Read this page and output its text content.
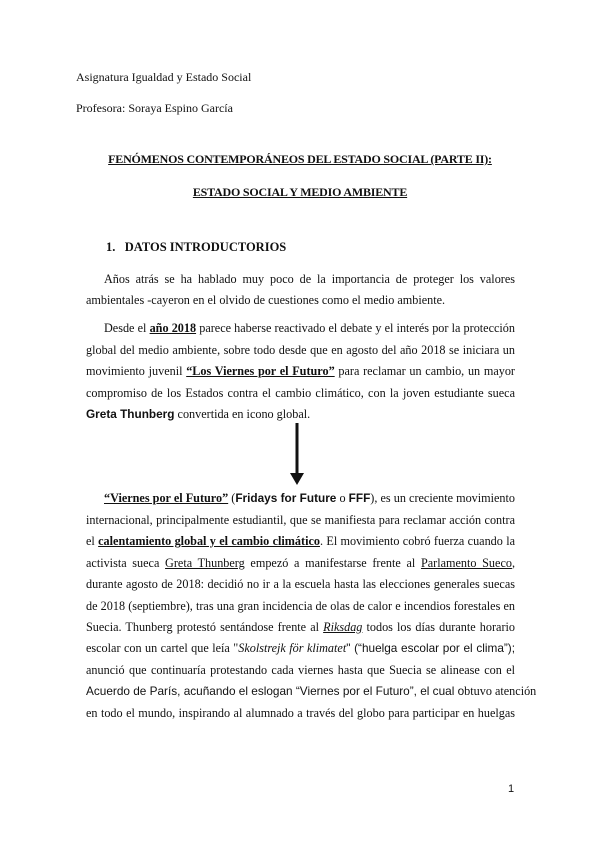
Asignatura Igualdad y Estado Social
Profesora: Soraya Espino García
FENÓMENOS CONTEMPORÁNEOS DEL ESTADO SOCIAL (PARTE II):
ESTADO SOCIAL Y MEDIO AMBIENTE
1. DATOS INTRODUCTORIOS
Años atrás se ha hablado muy poco de la importancia de proteger los valores
ambientales -cayeron en el olvido de cuestiones como el medio ambiente.
Desde el año 2018 parece haberse reactivado el debate y el interés por la protección
global del medio ambiente, sobre todo desde que en agosto del año 2018 se iniciara un
movimiento juvenil “Los Viernes por el Futuro” para reclamar un cambio, un mayor
compromiso de los Estados contra el cambio climático, con la joven estudiante sueca
Greta Thunberg convertida en icono global.
“Viernes por el Futuro” (Fridays for Future o FFF), es un creciente movimiento
internacional, principalmente estudiantil, que se manifiesta para reclamar acción contra
el calentamiento global y el cambio climático. El movimiento cobró fuerza cuando la
activista sueca Greta Thunberg empezó a manifestarse frente al Parlamento Sueco,
durante agosto de 2018: decidió no ir a la escuela hasta las elecciones generales suecas
de 2018 (septiembre), tras una gran incidencia de olas de calor e incendios forestales en
Suecia. Thunberg protestó sentándose frente al Riksdag todos los días durante horario
escolar con un cartel que leía "Skolstrejk för klimatet" (“huelga escolar por el clima”);
anunció que continuaría protestando cada viernes hasta que Suecia se alinease con el
Acuerdo de París, acuñando el eslogan “Viernes por el Futuro”, el cual obtuvo atención
en todo el mundo, inspirando al alumnado a través del globo para participar en huelgas
1
